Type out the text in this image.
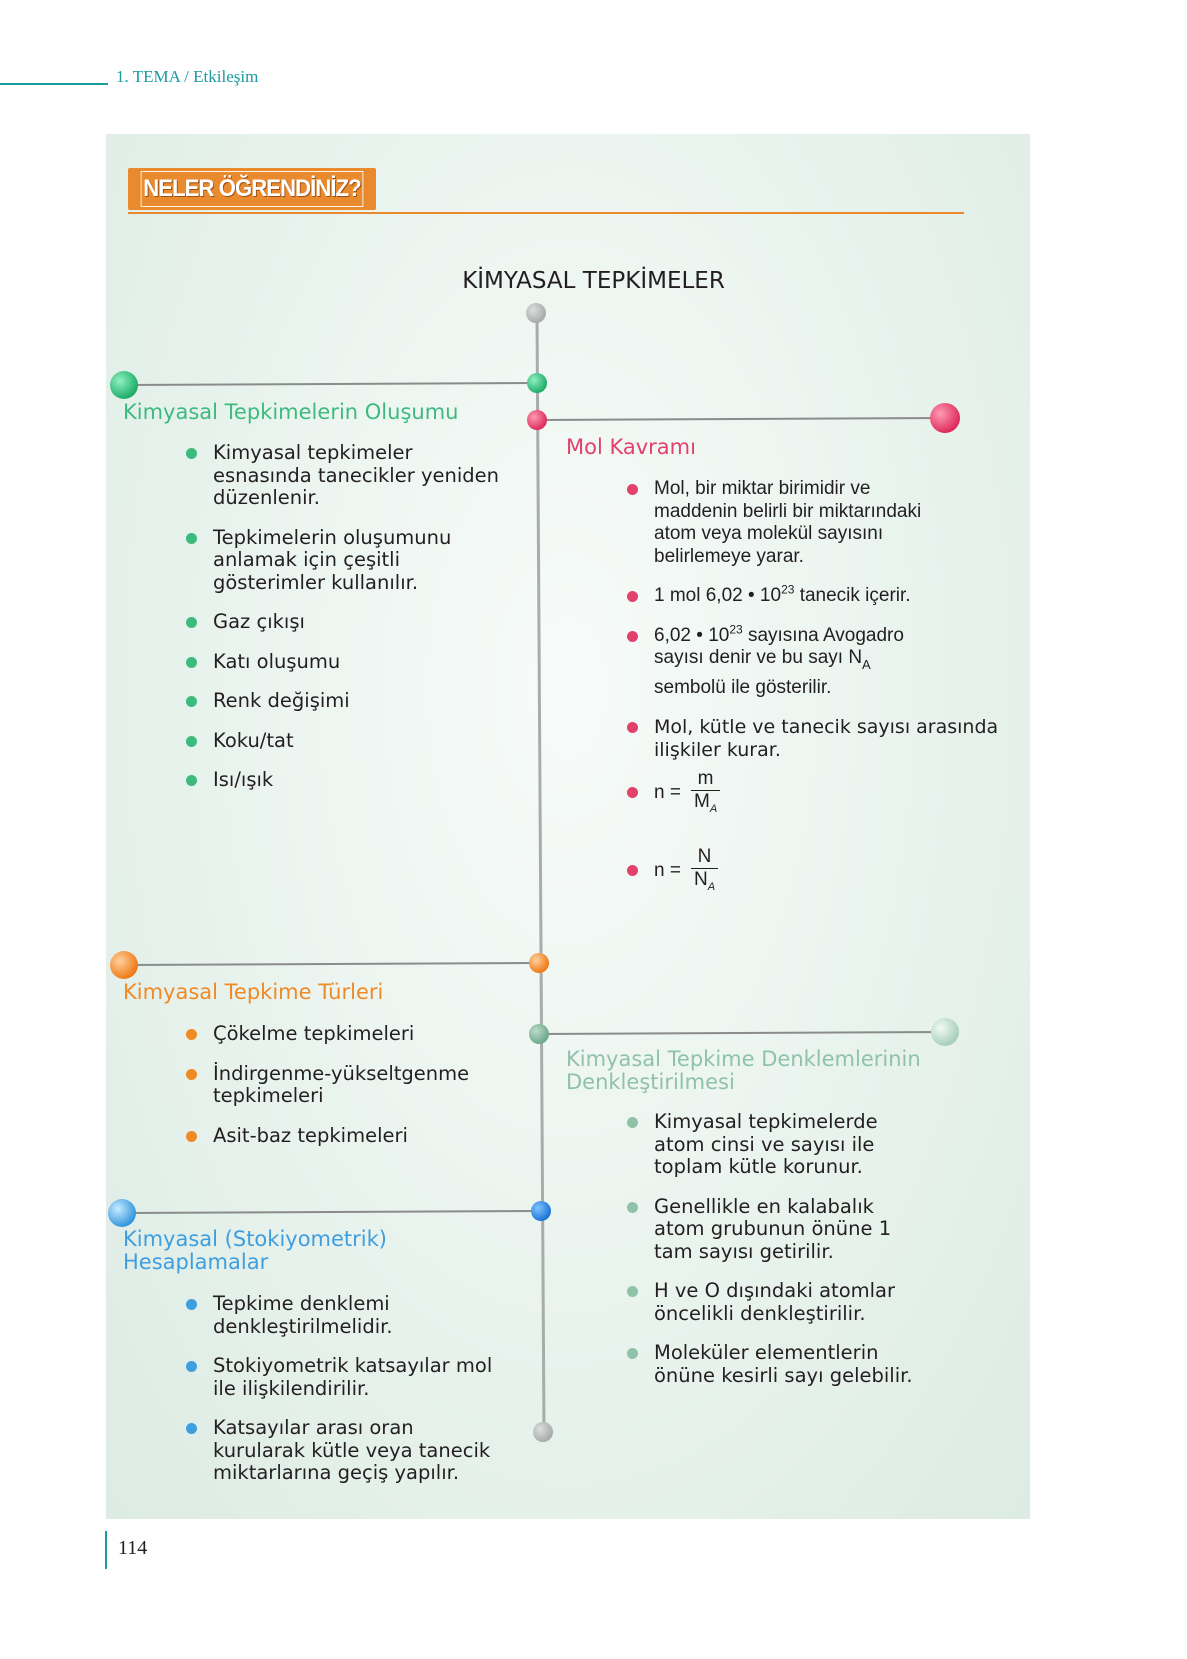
1. TEMA / Etkileşim
NELER ÖĞRENDİNİZ?
KİMYASAL TEPKİMELER
Kimyasal Tepkimelerin Oluşumu
Kimyasal tepkimeler esnasında tanecikler yeniden düzenlenir.
Tepkimelerin oluşumunu anlamak için çeşitli gösterimler kullanılır.
Gaz çıkışı
Katı oluşumu
Renk değişimi
Koku/tat
Isı/ışık
Mol Kavramı
Mol, bir miktar birimidir ve maddenin belirli bir miktarındaki atom veya molekül sayısını belirlemeye yarar.
1 mol 6,02 • $10^{23}$ tanecik içerir.
6,02 • $10^{23}$ sayısına Avogadro sayısı denir ve bu sayı $N_A$ sembolü ile gösterilir.
Mol, kütle ve tanecik sayısı arasında ilişkiler kurar.
$n = \frac{m}{M_A}$
$n = \frac{N}{N_A}$
Kimyasal Tepkime Türleri
Çökelme tepkimeleri
İndirgenme-yükseltgenme tepkimeleri
Asit-baz tepkimeleri
Kimyasal Tepkime Denklemlerinin Denkleştirilmesi
Kimyasal tepkimelerde atom cinsi ve sayısı ile toplam kütle korunur.
Genellikle en kalabalık atom grubunun önüne 1 tam sayısı getirilir.
H ve O dışındaki atomlar öncelikli denkleştirilir.
Moleküler elementlerin önüne kesirli sayı gelebilir.
Kimyasal (Stokiyometrik) Hesaplamalar
Tepkime denklemi denkleştirilmelidir.
Stokiyometrik katsayılar mol ile ilişkilendirilir.
Katsayılar arası oran kurularak kütle veya tanecik miktarlarına geçiş yapılır.
114
